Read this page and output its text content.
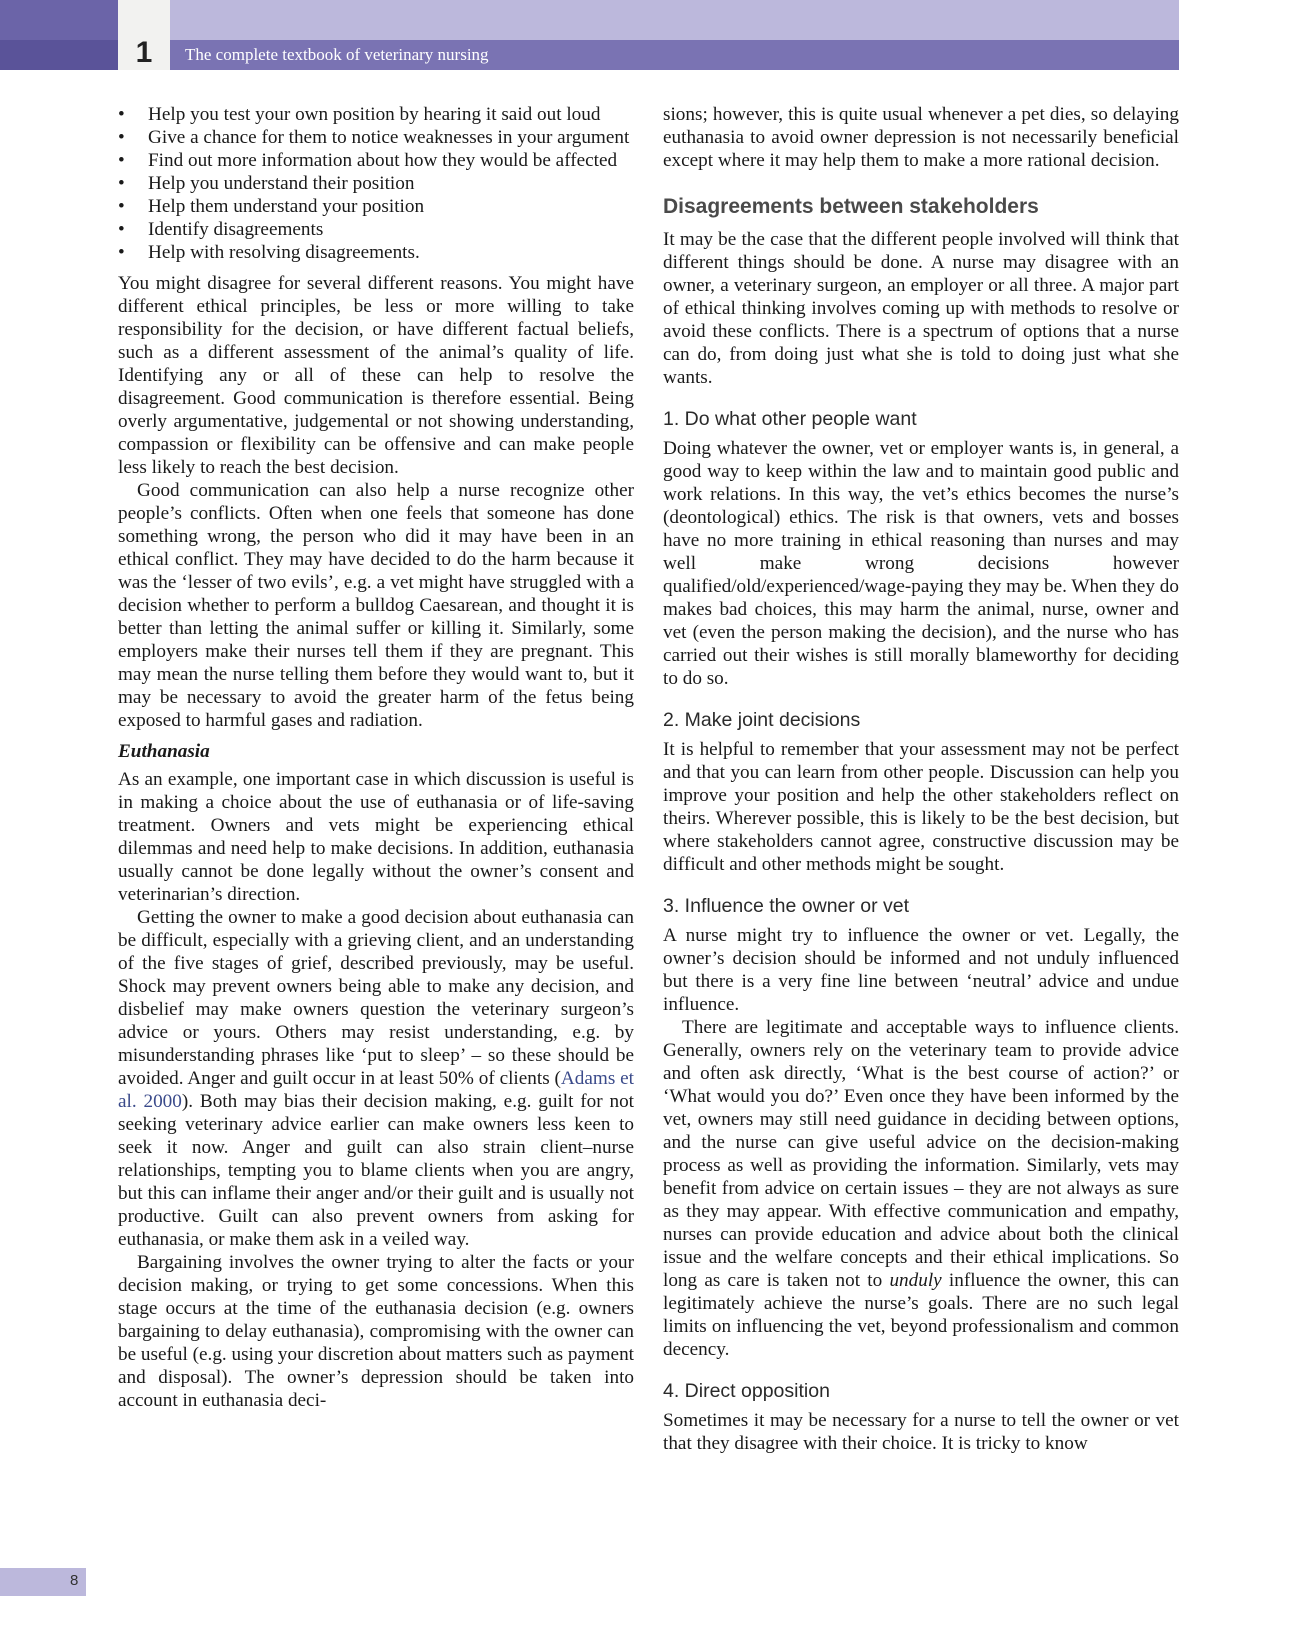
1 The complete textbook of veterinary nursing
• Help you test your own position by hearing it said out loud
• Give a chance for them to notice weaknesses in your argument
• Find out more information about how they would be affected
• Help you understand their position
• Help them understand your position
• Identify disagreements
• Help with resolving disagreements.

You might disagree for several different reasons. You might have different ethical principles, be less or more willing to take responsibility for the decision, or have different factual beliefs, such as a different assessment of the animal’s quality of life. Identifying any or all of these can help to resolve the disagreement. Good communication is therefore essential. Being overly argumentative, judgemental or not showing understanding, compassion or flexibility can be offensive and can make people less likely to reach the best decision.

Good communication can also help a nurse recognize other people’s conflicts. Often when one feels that someone has done something wrong, the person who did it may have been in an ethical conflict. They may have decided to do the harm because it was the ‘lesser of two evils’, e.g. a vet might have struggled with a decision whether to perform a bulldog Caesarean, and thought it is better than letting the animal suffer or killing it. Similarly, some employers make their nurses tell them if they are pregnant. This may mean the nurse telling them before they would want to, but it may be necessary to avoid the greater harm of the fetus being exposed to harmful gases and radiation.

Euthanasia

As an example, one important case in which discussion is useful is in making a choice about the use of euthanasia or of life-saving treatment. Owners and vets might be experiencing ethical dilemmas and need help to make decisions. In addition, euthanasia usually cannot be done legally without the owner’s consent and veterinarian’s direction.

Getting the owner to make a good decision about euthanasia can be difficult, especially with a grieving client, and an understanding of the five stages of grief, described previously, may be useful. Shock may prevent owners being able to make any decision, and disbelief may make owners question the veterinary surgeon’s advice or yours. Others may resist understanding, e.g. by misunderstanding phrases like ‘put to sleep’ – so these should be avoided. Anger and guilt occur in at least 50% of clients (Adams et al. 2000). Both may bias their decision making, e.g. guilt for not seeking veterinary advice earlier can make owners less keen to seek it now. Anger and guilt can also strain client–nurse relationships, tempting you to blame clients when you are angry, but this can inflame their anger and/or their guilt and is usually not productive. Guilt can also prevent owners from asking for euthanasia, or make them ask in a veiled way.

Bargaining involves the owner trying to alter the facts or your decision making, or trying to get some concessions. When this stage occurs at the time of the euthanasia decision (e.g. owners bargaining to delay euthanasia), compromising with the owner can be useful (e.g. using your discretion about matters such as payment and disposal). The owner’s depression should be taken into account in euthanasia deci-

sions; however, this is quite usual whenever a pet dies, so delaying euthanasia to avoid owner depression is not necessarily beneficial except where it may help them to make a more rational decision.

Disagreements between stakeholders

It may be the case that the different people involved will think that different things should be done. A nurse may disagree with an owner, a veterinary surgeon, an employer or all three. A major part of ethical thinking involves coming up with methods to resolve or avoid these conflicts. There is a spectrum of options that a nurse can do, from doing just what she is told to doing just what she wants.

1. Do what other people want

Doing whatever the owner, vet or employer wants is, in general, a good way to keep within the law and to maintain good public and work relations. In this way, the vet’s ethics becomes the nurse’s (deontological) ethics. The risk is that owners, vets and bosses have no more training in ethical reasoning than nurses and may well make wrong decisions however qualified/old/experienced/wage-paying they may be. When they do makes bad choices, this may harm the animal, nurse, owner and vet (even the person making the decision), and the nurse who has carried out their wishes is still morally blameworthy for deciding to do so.

2. Make joint decisions

It is helpful to remember that your assessment may not be perfect and that you can learn from other people. Discussion can help you improve your position and help the other stakeholders reflect on theirs. Wherever possible, this is likely to be the best decision, but where stakeholders cannot agree, constructive discussion may be difficult and other methods might be sought.

3. Influence the owner or vet

A nurse might try to influence the owner or vet. Legally, the owner’s decision should be informed and not unduly influenced but there is a very fine line between ‘neutral’ advice and undue influence.

There are legitimate and acceptable ways to influence clients. Generally, owners rely on the veterinary team to provide advice and often ask directly, ‘What is the best course of action?’ or ‘What would you do?’ Even once they have been informed by the vet, owners may still need guidance in deciding between options, and the nurse can give useful advice on the decision-making process as well as providing the information. Similarly, vets may benefit from advice on certain issues – they are not always as sure as they may appear. With effective communication and empathy, nurses can provide education and advice about both the clinical issue and the welfare concepts and their ethical implications. So long as care is taken not to unduly influence the owner, this can legitimately achieve the nurse’s goals. There are no such legal limits on influencing the vet, beyond professionalism and common decency.

4. Direct opposition

Sometimes it may be necessary for a nurse to tell the owner or vet that they disagree with their choice. It is tricky to know

8
